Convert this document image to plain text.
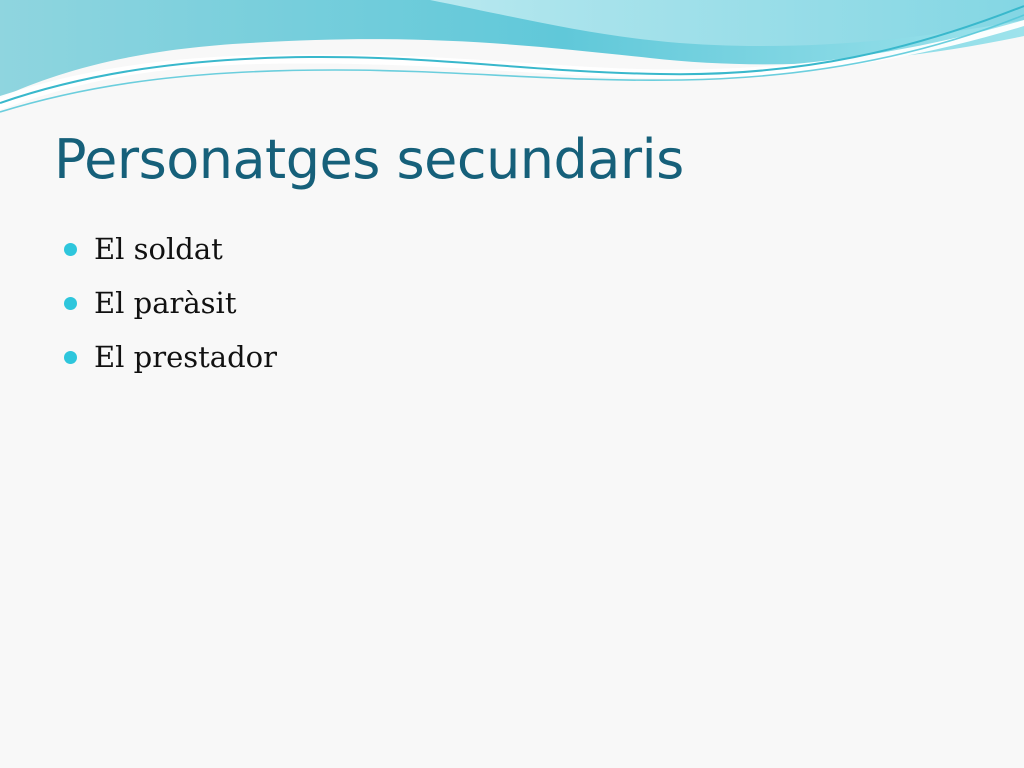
Personatges secundaris
El soldat
El paràsit
El prestador
